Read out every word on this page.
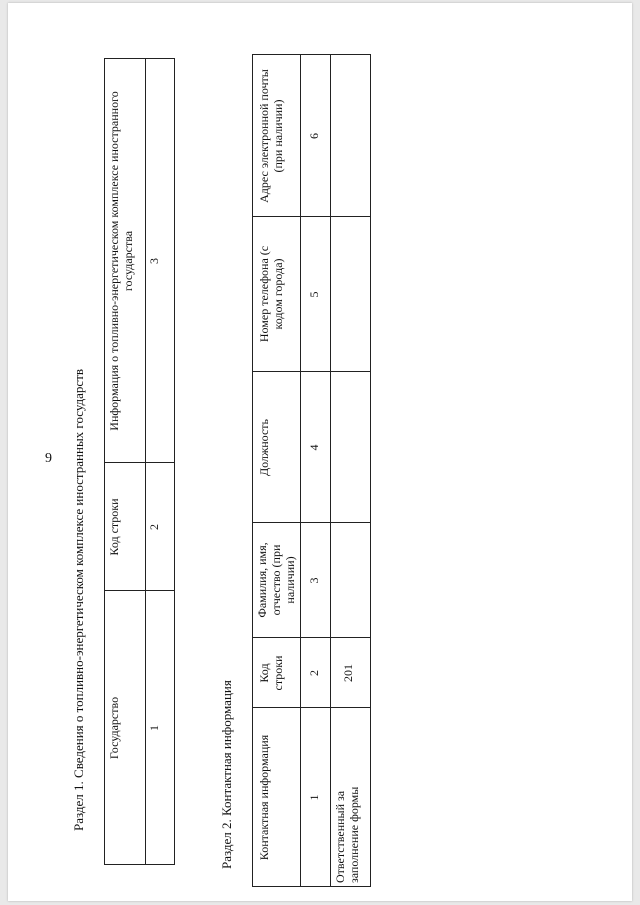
9 Раздел 1. Сведения о топливно-энергетическом комплексе иностранных государств Государство
Код строки
Информация о топливно-энергетическом комплексе иностранного государства
1
2
3
Раздел 2. Контактная информация Контактная информация
Код строки
Фамилия, имя, отчество (при наличии)
Должность
Номер телефона (с кодом города)
Адрес электронной почты (при наличии)
1
2
3
4
5
6
Ответственный за заполнение формы
201
